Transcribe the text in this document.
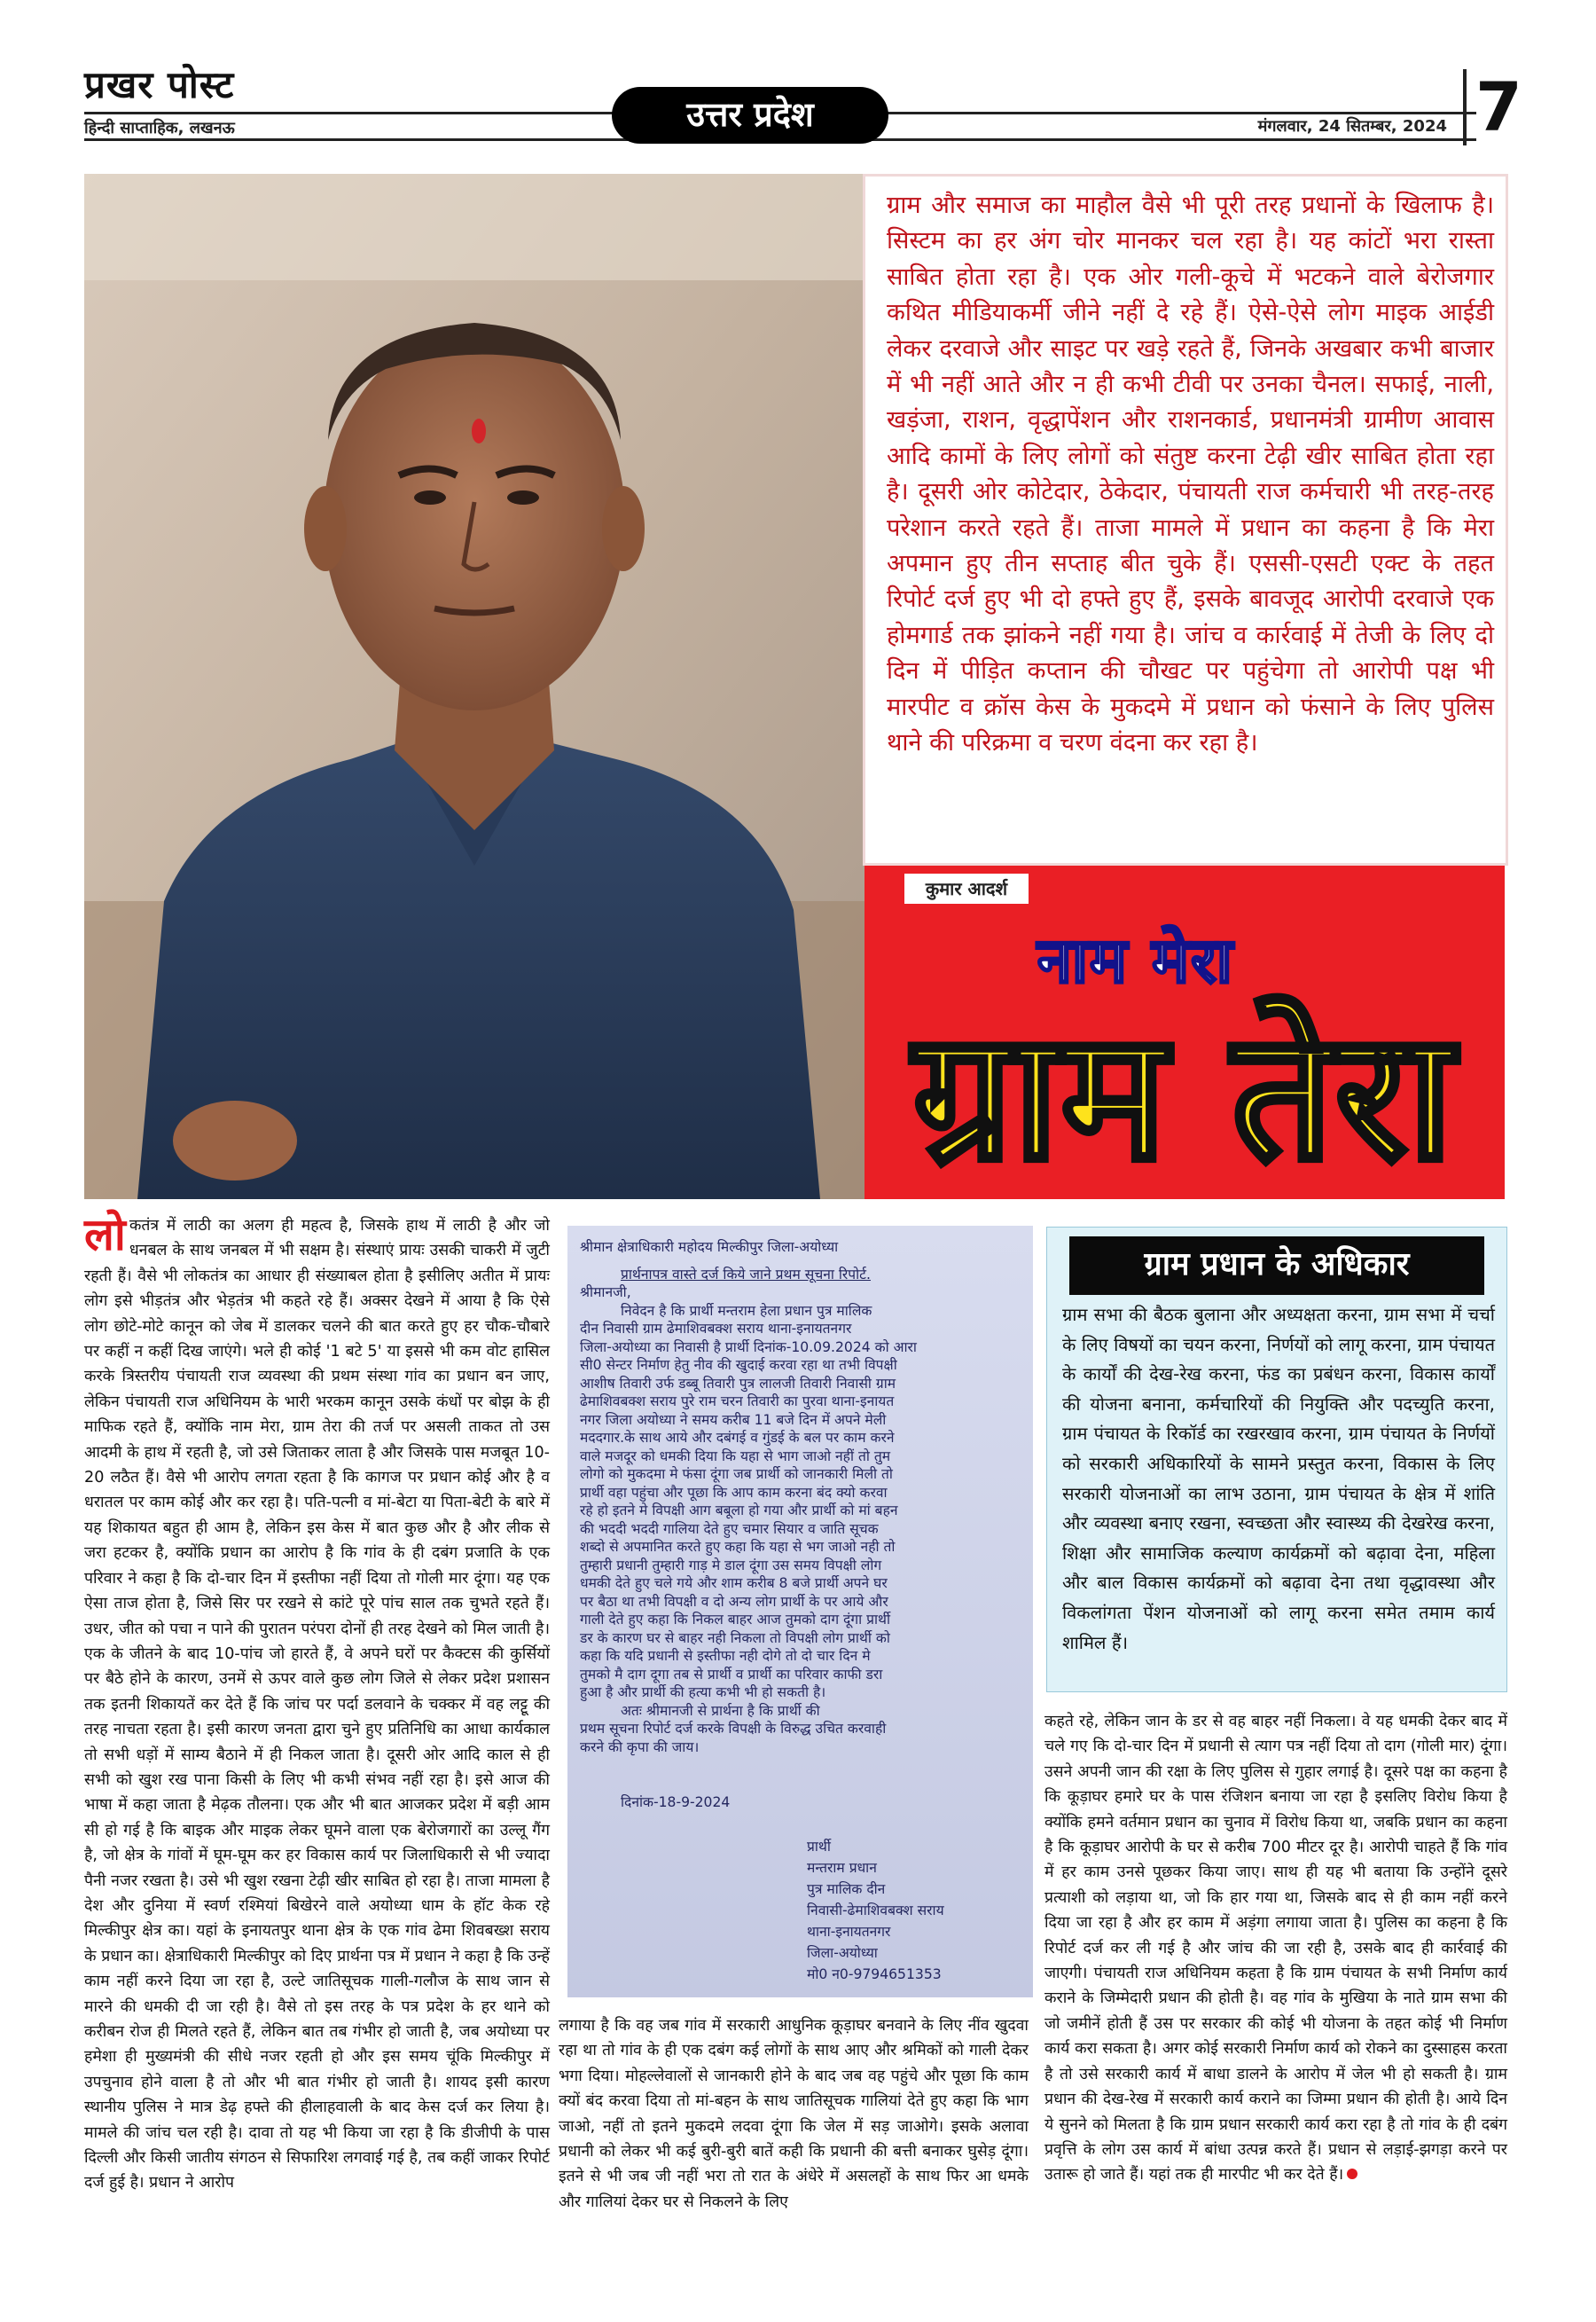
प्रखर पोस्ट
हिन्दी साप्ताहिक, लखनऊ	उत्तर प्रदेश	मंगलवार, 24 सितम्बर, 2024 7
ग्राम और समाज का माहौल वैसे भी पूरी तरह प्रधानों के खिलाफ है। सिस्टम का हर अंग चोर मानकर चल रहा है। यह कांटों भरा रास्ता साबित होता रहा है। एक ओर गली-कूचे में भटकने वाले बेरोजगार कथित मीडियाकर्मी जीने नहीं दे रहे हैं। ऐसे-ऐसे लोग माइक आईडी लेकर दरवाजे और साइट पर खड़े रहते हैं, जिनके अखबार कभी बाजार में भी नहीं आते और न ही कभी टीवी पर उनका चैनल। सफाई, नाली, खड़ंजा, राशन, वृद्धापेंशन और राशनकार्ड, प्रधानमंत्री ग्रामीण आवास आदि कामों के लिए लोगों को संतुष्ट करना टेढ़ी खीर साबित होता रहा है। दूसरी ओर कोटेदार, ठेकेदार, पंचायती राज कर्मचारी भी तरह-तरह परेशान करते रहते हैं। ताजा मामले में प्रधान का कहना है कि मेरा अपमान हुए तीन सप्ताह बीत चुके हैं। एससी-एसटी एक्ट के तहत रिपोर्ट दर्ज हुए भी दो हफ्ते हुए हैं, इसके बावजूद आरोपी दरवाजे एक होमगार्ड तक झांकने नहीं गया है। जांच व कार्रवाई में तेजी के लिए दो दिन में पीड़ित कप्तान की चौखट पर पहुंचेगा तो आरोपी पक्ष भी मारपीट व क्रॉस केस के मुकदमे में प्रधान को फंसाने के लिए पुलिस थाने की परिक्रमा व चरण वंदना कर रहा है।
कुमार आदर्श
नाम मेरा
ग्राम तेरा
लोकतंत्र में लाठी का अलग ही महत्व है, जिसके हाथ में लाठी है और जो धनबल के साथ जनबल में भी सक्षम है। संस्थाएं प्रायः उसकी चाकरी में जुटी रहती हैं। वैसे भी लोकतंत्र का आधार ही संख्याबल होता है इसीलिए अतीत में प्रायः लोग इसे भीड़तंत्र और भेड़तंत्र भी कहते रहे हैं। अक्सर देखने में आया है कि ऐसे लोग छोटे-मोटे कानून को जेब में डालकर चलने की बात करते हुए हर चौक-चौबारे पर कहीं न कहीं दिख जाएंगे। भले ही कोई '1 बटे 5' या इससे भी कम वोट हासिल करके त्रिस्तरीय पंचायती राज व्यवस्था की प्रथम संस्था गांव का प्रधान बन जाए, लेकिन पंचायती राज अधिनियम के भारी भरकम कानून उसके कंधों पर बोझ के ही माफिक रहते हैं, क्योंकि नाम मेरा, ग्राम तेरा की तर्ज पर असली ताकत तो उस आदमी के हाथ में रहती है, जो उसे जिताकर लाता है और जिसके पास मजबूत 10-20 लठैत हैं। वैसे भी आरोप लगता रहता है कि कागज पर प्रधान कोई और है व धरातल पर काम कोई और कर रहा है। पति-पत्नी व मां-बेटा या पिता-बेटी के बारे में यह शिकायत बहुत ही आम है, लेकिन इस केस में बात कुछ और है और लीक से जरा हटकर है, क्योंकि प्रधान का आरोप है कि गांव के ही दबंग प्रजाति के एक परिवार ने कहा है कि दो-चार दिन में इस्तीफा नहीं दिया तो गोली मार दूंगा। यह एक ऐसा ताज होता है, जिसे सिर पर रखने से कांटे पूरे पांच साल तक चुभते रहते हैं। उधर, जीत को पचा न पाने की पुरातन परंपरा दोनों ही तरह देखने को मिल जाती है। एक के जीतने के बाद 10-पांच जो हारते हैं, वे अपने घरों पर कैक्टस की कुर्सियों पर बैठे होने के कारण, उनमें से ऊपर वाले कुछ लोग जिले से लेकर प्रदेश प्रशासन तक इतनी शिकायतें कर देते हैं कि जांच पर पर्दा डलवाने के चक्कर में वह लट्टू की तरह नाचता रहता है। इसी कारण जनता द्वारा चुने हुए प्रतिनिधि का आधा कार्यकाल तो सभी धड़ों में साम्य बैठाने में ही निकल जाता है। दूसरी ओर आदि काल से ही सभी को खुश रख पाना किसी के लिए भी कभी संभव नहीं रहा है। इसे आज की भाषा में कहा जाता है मेढ़क तौलना। एक और भी बात आजकर प्रदेश में बड़ी आम सी हो गई है कि बाइक और माइक लेकर घूमने वाला एक बेरोजगारों का उल्लू गैंग है, जो क्षेत्र के गांवों में घूम-घूम कर हर विकास कार्य पर जिलाधिकारी से भी ज्यादा पैनी नजर रखता है। उसे भी खुश रखना टेढ़ी खीर साबित हो रहा है। ताजा मामला है देश और दुनिया में स्वर्ण रश्मियां बिखेरने वाले अयोध्या धाम के हॉट केक रहे मिल्कीपुर क्षेत्र का। यहां के इनायतपुर थाना क्षेत्र के एक गांव ढेमा शिवबख्श सराय के प्रधान का। क्षेत्राधिकारी मिल्कीपुर को दिए प्रार्थना पत्र में प्रधान ने कहा है कि उन्हें काम नहीं करने दिया जा रहा है, उल्टे जातिसूचक गाली-गलौज के साथ जान से मारने की धमकी दी जा रही है। वैसे तो इस तरह के पत्र प्रदेश के हर थाने को करीबन रोज ही मिलते रहते हैं, लेकिन बात तब गंभीर हो जाती है, जब अयोध्या पर हमेशा ही मुख्यमंत्री की सीधे नजर रहती हो और इस समय चूंकि मिल्कीपुर में उपचुनाव होने वाला है तो और भी बात गंभीर हो जाती है। शायद इसी कारण स्थानीय पुलिस ने मात्र डेढ़ हफ्ते की हीलाहवाली के बाद केस दर्ज कर लिया है। मामले की जांच चल रही है। दावा तो यह भी किया जा रहा है कि डीजीपी के पास दिल्ली और किसी जातीय संगठन से सिफारिश लगवाई गई है, तब कहीं जाकर रिपोर्ट दर्ज हुई है। प्रधान ने आरोप
श्रीमान क्षेत्राधिकारी महोदय मिल्कीपुर जिला-अयोध्या
प्रार्थनापत्र वास्ते दर्ज किये जाने प्रथम सूचना रिपोर्ट.
श्रीमानजी,
निवेदन है कि प्रार्थी मन्तराम हेला प्रधान पुत्र मालिक
दीन निवासी ग्राम ढेमाशिवबक्श सराय थाना-इनायतनगर
जिला-अयोध्या का निवासी है प्रार्थी दिनांक-10.09.2024 को आरा
सी0 सेन्टर निर्माण हेतु नीव की खुदाई करवा रहा था तभी विपक्षी
आशीष तिवारी उर्फ डब्बू तिवारी पुत्र लालजी तिवारी निवासी ग्राम
ढेमाशिवबक्श सराय पुरे राम चरन तिवारी का पुरवा थाना-इनायत
नगर जिला अयोध्या ने समय करीब 11 बजे दिन में अपने मेली
मददगार.के साथ आये और दबंगई व गुंडई के बल पर काम करने
वाले मजदूर को धमकी दिया कि यहा से भाग जाओ नहीं तो तुम
लोगो को मुकदमा मे फंसा दूंगा जब प्रार्थी को जानकारी मिली तो
प्रार्थी वहा पहुंचा और पूछा कि आप काम करना बंद क्यो करवा
रहे हो इतने मे विपक्षी आग बबूला हो गया और प्रार्थी को मां बहन
की भददी भददी गालिया देते हुए चमार सियार व जाति सूचक
शब्दो से अपमानित करते हुए कहा कि यहा से भग जाओ नही तो
तुम्हारी प्रधानी तुम्हारी गाड़ मे डाल दूंगा उस समय विपक्षी लोग
धमकी देते हुए चले गये और शाम करीब 8 बजे प्रार्थी अपने घर
पर बैठा था तभी विपक्षी व दो अन्य लोग प्रार्थी के पर आये और
गाली देते हुए कहा कि निकल बाहर आज तुमको दाग दूंगा प्रार्थी
डर के कारण घर से बाहर नही निकला तो विपक्षी लोग प्रार्थी को
कहा कि यदि प्रधानी से इस्तीफा नही दोगे तो दो चार दिन मे
तुमको मै दाग दूगा तब से प्रार्थी व प्रार्थी का परिवार काफी डरा
हुआ है और प्रार्थी की हत्या कभी भी हो सकती है।
अतः श्रीमानजी से प्रार्थना है कि प्रार्थी की
प्रथम सूचना रिपोर्ट दर्ज करके विपक्षी के विरुद्ध उचित करवाही
करने की कृपा की जाय।
दिनांक-18-9-2024
प्रार्थी
मन्तराम प्रधान
पुत्र मालिक दीन
निवासी-ढेमाशिवबक्श सराय
थाना-इनायतनगर
जिला-अयोध्या
मो0 न0-9794651353
लगाया है कि वह जब गांव में सरकारी आधुनिक कूड़ाघर बनवाने के लिए नींव खुदवा रहा था तो गांव के ही एक दबंग कई लोगों के साथ आए और श्रमिकों को गाली देकर भगा दिया। मोहल्लेवालों से जानकारी होने के बाद जब वह पहुंचे और पूछा कि काम क्यों बंद करवा दिया तो मां-बहन के साथ जातिसूचक गालियां देते हुए कहा कि भाग जाओ, नहीं तो इतने मुकदमे लदवा दूंगा कि जेल में सड़ जाओगे। इसके अलावा प्रधानी को लेकर भी कई बुरी-बुरी बातें कही कि प्रधानी की बत्ती बनाकर घुसेड़ दूंगा। इतने से भी जब जी नहीं भरा तो रात के अंधेरे में असलहों के साथ फिर आ धमके और गालियां देकर घर से निकलने के लिए
ग्राम प्रधान के अधिकार
ग्राम सभा की बैठक बुलाना और अध्यक्षता करना, ग्राम सभा में चर्चा के लिए विषयों का चयन करना, निर्णयों को लागू करना, ग्राम पंचायत के कार्यों की देख-रेख करना, फंड का प्रबंधन करना, विकास कार्यों की योजना बनाना, कर्मचारियों की नियुक्ति और पदच्युति करना, ग्राम पंचायत के रिकॉर्ड का रखरखाव करना, ग्राम पंचायत के निर्णयों को सरकारी अधिकारियों के सामने प्रस्तुत करना, विकास के लिए सरकारी योजनाओं का लाभ उठाना, ग्राम पंचायत के क्षेत्र में शांति और व्यवस्था बनाए रखना, स्वच्छता और स्वास्थ्य की देखरेख करना, शिक्षा और सामाजिक कल्याण कार्यक्रमों को बढ़ावा देना, महिला और बाल विकास कार्यक्रमों को बढ़ावा देना तथा वृद्धावस्था और विकलांगता पेंशन योजनाओं को लागू करना समेत तमाम कार्य शामिल हैं।
कहते रहे, लेकिन जान के डर से वह बाहर नहीं निकला। वे यह धमकी देकर बाद में चले गए कि दो-चार दिन में प्रधानी से त्याग पत्र नहीं दिया तो दाग (गोली मार) दूंगा। उसने अपनी जान की रक्षा के लिए पुलिस से गुहार लगाई है। दूसरे पक्ष का कहना है कि कूड़ाघर हमारे घर के पास रंजिशन बनाया जा रहा है इसलिए विरोध किया है क्योंकि हमने वर्तमान प्रधान का चुनाव में विरोध किया था, जबकि प्रधान का कहना है कि कूड़ाघर आरोपी के घर से करीब 700 मीटर दूर है। आरोपी चाहते हैं कि गांव में हर काम उनसे पूछकर किया जाए। साथ ही यह भी बताया कि उन्होंने दूसरे प्रत्याशी को लड़ाया था, जो कि हार गया था, जिसके बाद से ही काम नहीं करने दिया जा रहा है और हर काम में अड़ंगा लगाया जाता है। पुलिस का कहना है कि रिपोर्ट दर्ज कर ली गई है और जांच की जा रही है, उसके बाद ही कार्रवाई की जाएगी। पंचायती राज अधिनियम कहता है कि ग्राम पंचायत के सभी निर्माण कार्य कराने के जिम्मेदारी प्रधान की होती है। वह गांव के मुखिया के नाते ग्राम सभा की जो जमीनें होती हैं उस पर सरकार की कोई भी योजना के तहत कोई भी निर्माण कार्य करा सकता है। अगर कोई सरकारी निर्माण कार्य को रोकने का दुस्साहस करता है तो उसे सरकारी कार्य में बाधा डालने के आरोप में जेल भी हो सकती है। ग्राम प्रधान की देख-रेख में सरकारी कार्य कराने का जिम्मा प्रधान की होती है। आये दिन ये सुनने को मिलता है कि ग्राम प्रधान सरकारी कार्य करा रहा है तो गांव के ही दबंग प्रवृत्ति के लोग उस कार्य में बांधा उत्पन्न करते हैं। प्रधान से लड़ाई-झगड़ा करने पर उतारू हो जाते हैं। यहां तक ही मारपीट भी कर देते हैं।
